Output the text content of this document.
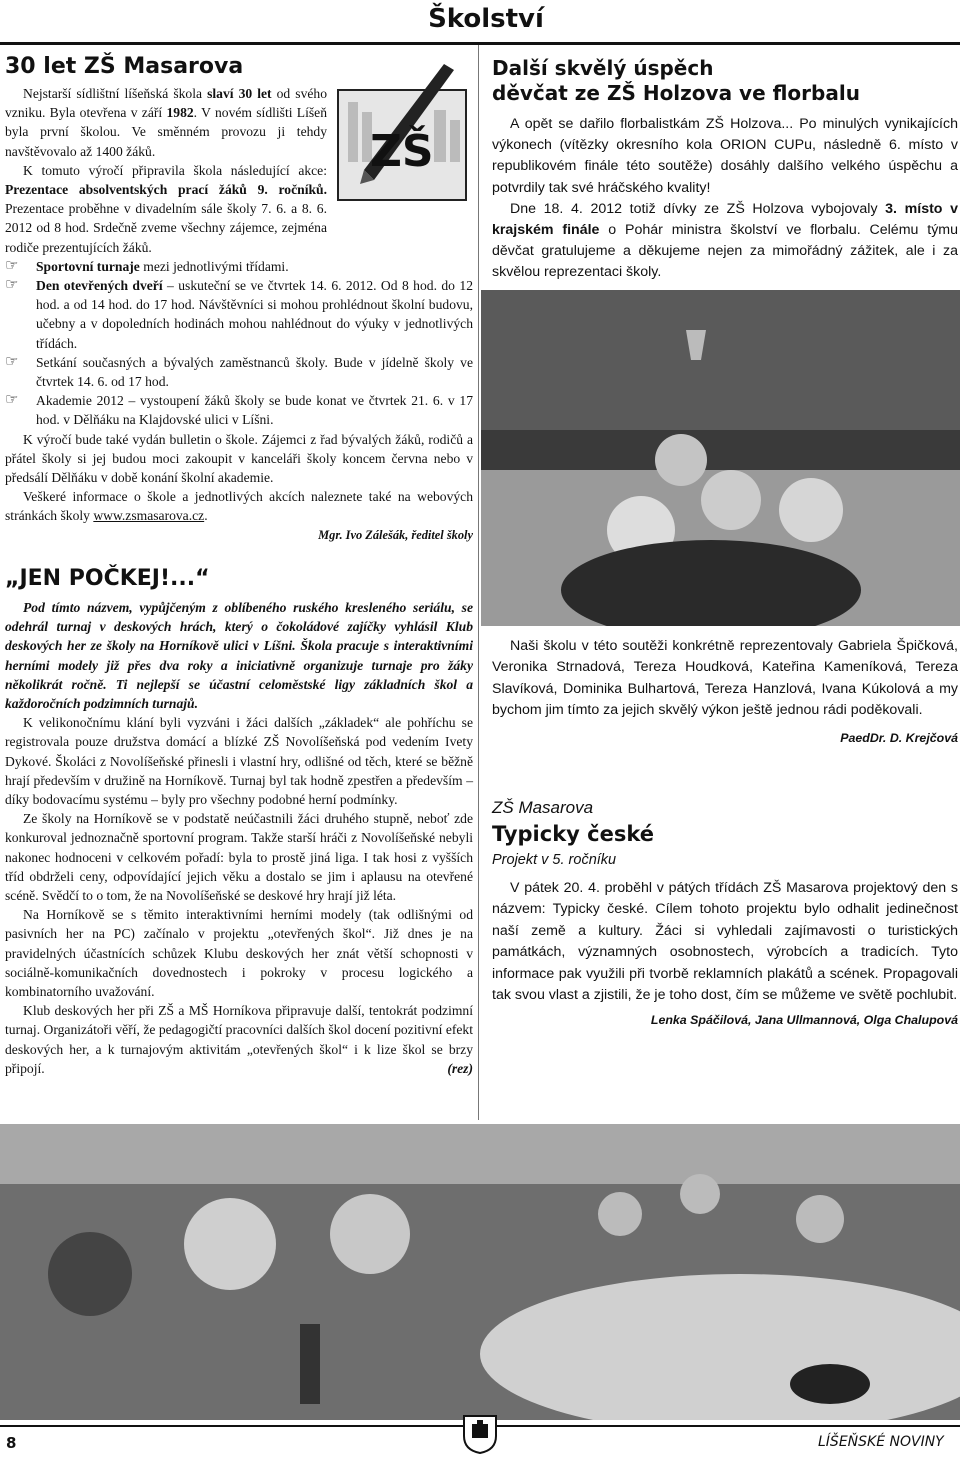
Školství
30 let ZŠ Masarova
ZŠ

Nejstarší sídlištní líšeňská škola slaví 30 let od svého vzniku. Byla otevřena v září 1982. V novém sídlišti Líšeň byla první školou. Ve směnném provozu ji tehdy navštěvovalo až 1400 žáků.

K tomuto výročí připravila škola následující akce: Prezentace absolventských prací žáků 9. ročníků. Prezentace proběhne v divadelním sále školy 7. 6. a 8. 6. 2012 od 8 hod. Srdečně zveme všechny zájemce, zejména rodiče prezentujících žáků.

☞ Sportovní turnaje mezi jednotlivými třídami.

☞ Den otevřených dveří – uskuteční se ve čtvrtek 14. 6. 2012. Od 8 hod. do 12 hod. a od 14 hod. do 17 hod. Návštěvníci si mohou prohlédnout školní budovu, učebny a v dopoledních hodinách mohou nahlédnout do výuky v jednotlivých třídách.

☞ Setkání současných a bývalých zaměstnanců školy. Bude v jídelně školy ve čtvrtek 14. 6. od 17 hod.

☞ Akademie 2012 – vystoupení žáků školy se bude konat ve čtvrtek 21. 6. v 17 hod. v Dělňáku na Klajdovské ulici v Líšni.

K výročí bude také vydán bulletin o škole. Zájemci z řad bývalých žáků, rodičů a přátel školy si jej budou moci zakoupit v kanceláři školy koncem června nebo v předsálí Dělňáku v době konání školní akademie.

Veškeré informace o škole a jednotlivých akcích naleznete také na webových stránkách školy www.zsmasarova.cz.

Mgr. Ivo Zálešák, ředitel školy

„JEN POČKEJ!...“

Pod tímto názvem, vypůjčeným z oblíbeného ruského kresleného seriálu, se odehrál turnaj v deskových hrách, který o čokoládové zajíčky vyhlásil Klub deskových her ze školy na Horníkově ulici v Líšni. Škola pracuje s interaktivními herními modely již přes dva roky a iniciativně organizuje turnaje pro žáky několikrát ročně. Ti nejlepší se účastní celoměstské ligy základních škol a každoročních podzimních turnajů.

K velikonočnímu klání byli vyzváni i žáci dalších „základek“ ale pohříchu se registrovala pouze družstva domácí a blízké ZŠ Novolíšeňská pod vedením Ivety Dykové. Školáci z Novolíšeňské přinesli i vlastní hry, odlišné od těch, které se běžně hrají především v družině na Horníkově. Turnaj byl tak hodně zpestřen a především – díky bodovacímu systému – byly pro všechny podobné herní podmínky.

Ze školy na Horníkově se v podstatě neúčastnili žáci druhého stupně, neboť zde konkuroval jednoznačně sportovní program. Takže starší hráči z Novolíšeňské nebyli nakonec hodnoceni v celkovém pořadí: byla to prostě jiná liga. I tak hosi z vyšších tříd obdrželi ceny, odpovídající jejich věku a dostalo se jim i aplausu na otevřené scéně. Svědčí to o tom, že na Novolíšeňské se deskové hry hrají již léta.

Na Horníkově se s těmito interaktivními herními modely (tak odlišnými od pasivních her na PC) začínalo v projektu „otevřených škol“. Již dnes je na pravidelných účastnících schůzek Klubu deskových her znát větší schopnosti v sociálně-komunikačních dovednostech i pokroky v procesu logického a kombinatorního uvažování.

Klub deskových her při ZŠ a MŠ Horníkova připravuje další, tentokrát podzimní turnaj. Organizátoři věří, že pedagogičtí pracovníci dalších škol docení pozitivní efekt deskových her, a k turnajovým aktivitám „otevřených škol“ i k lize škol se brzy připojí.	(rez)

Další skvělý úspěch
děvčat ze ZŠ Holzova ve florbalu

A opět se dařilo florbalistkám ZŠ Holzova... Po minulých vynikajících výkonech (vítězky okresního kola ORION CUPu, následně 6. místo v republikovém finále této soutěže) dosáhly dalšího velkého úspěchu a potvrdily tak své hráčského kvality!

Dne 18. 4. 2012 totiž dívky ze ZŠ Holzova vybojovaly 3. místo v krajském finále o Pohár ministra školství ve florbalu. Celému týmu děvčat gratulujeme a děkujeme nejen za mimořádný zážitek, ale i za skvělou reprezentaci školy.

Naši školu v této soutěži konkrétně reprezentovaly Gabriela Špičková, Veronika Strnadová, Tereza Houdková, Kateřina Kameníková, Tereza Slavíková, Dominika Bulhartová, Tereza Hanzlová, Ivana Kúkolová a my bychom jim tímto za jejich skvělý výkon ještě jednou rádi poděkovali.

PaedDr. D. Krejčová

ZŠ Masarova
Typicky české
Projekt v 5. ročníku

V pátek 20. 4. proběhl v pátých třídách ZŠ Masarova projektový den s názvem: Typicky české. Cílem tohoto projektu bylo odhalit jedinečnost naší země a kultury. Žáci si vyhledali zajímavosti o turistických památkách, významných osobnostech, výrobcích a tradicích. Tyto informace pak využili při tvorbě reklamních plakátů a scének. Propagovali tak svou vlast a zjistili, že je toho dost, čím se můžeme ve světě pochlubit.

Lenka Spáčilová, Jana Ullmannová, Olga Chalupová

8	LÍŠEŇSKÉ NOVINY
